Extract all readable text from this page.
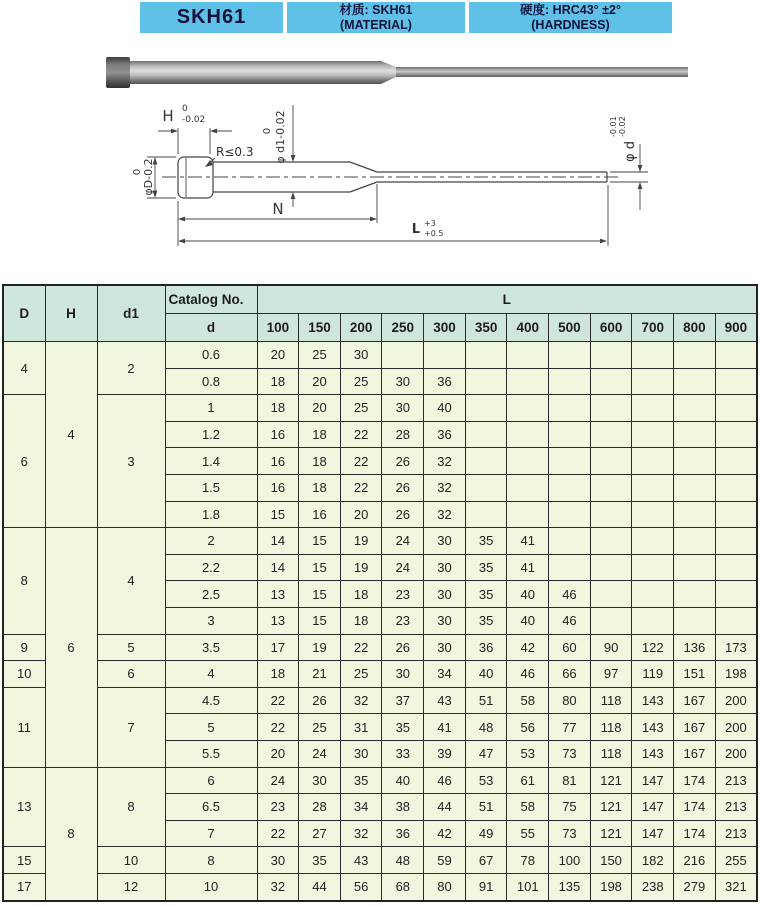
SKH61	材质: SKH61
(MATERIAL)
硬度: HRC43° ±2°
(HARDNESS)
H 0
-0.02
R≤0.3
0 φD-0.2
0 φ d1-0.02
N
L +3
+0.5
φ d
-0.01 -0.02
D	H	d1	Catalog No.	L											
			d	100	150	200	250	300	350	400	500	600	700	800	900
4	4	2	0.6	20	25	30									
			0.8	18	20	25	30	36							
6		3	1	18	20	25	30	40							
			1.2	16	18	22	28	36							
			1.4	16	18	22	26	32							
			1.5	16	18	22	26	32							
			1.8	15	16	20	26	32							
8	6	4	2	14	15	19	24	30	35	41					
			2.2	14	15	19	24	30	35	41					
			2.5	13	15	18	23	30	35	40	46				
			3	13	15	18	23	30	35	40	46				
9		5	3.5	17	19	22	26	30	36	42	60	90	122	136	173
10		6	4	18	21	25	30	34	40	46	66	97	119	151	198
11		7	4.5	22	26	32	37	43	51	58	80	118	143	167	200
			5	22	25	31	35	41	48	56	77	118	143	167	200
			5.5	20	24	30	33	39	47	53	73	118	143	167	200
13	8	8	6	24	30	35	40	46	53	61	81	121	147	174	213
			6.5	23	28	34	38	44	51	58	75	121	147	174	213
			7	22	27	32	36	42	49	55	73	121	147	174	213
15		10	8	30	35	43	48	59	67	78	100	150	182	216	255
17		12	10	32	44	56	68	80	91	101	135	198	238	279	321
